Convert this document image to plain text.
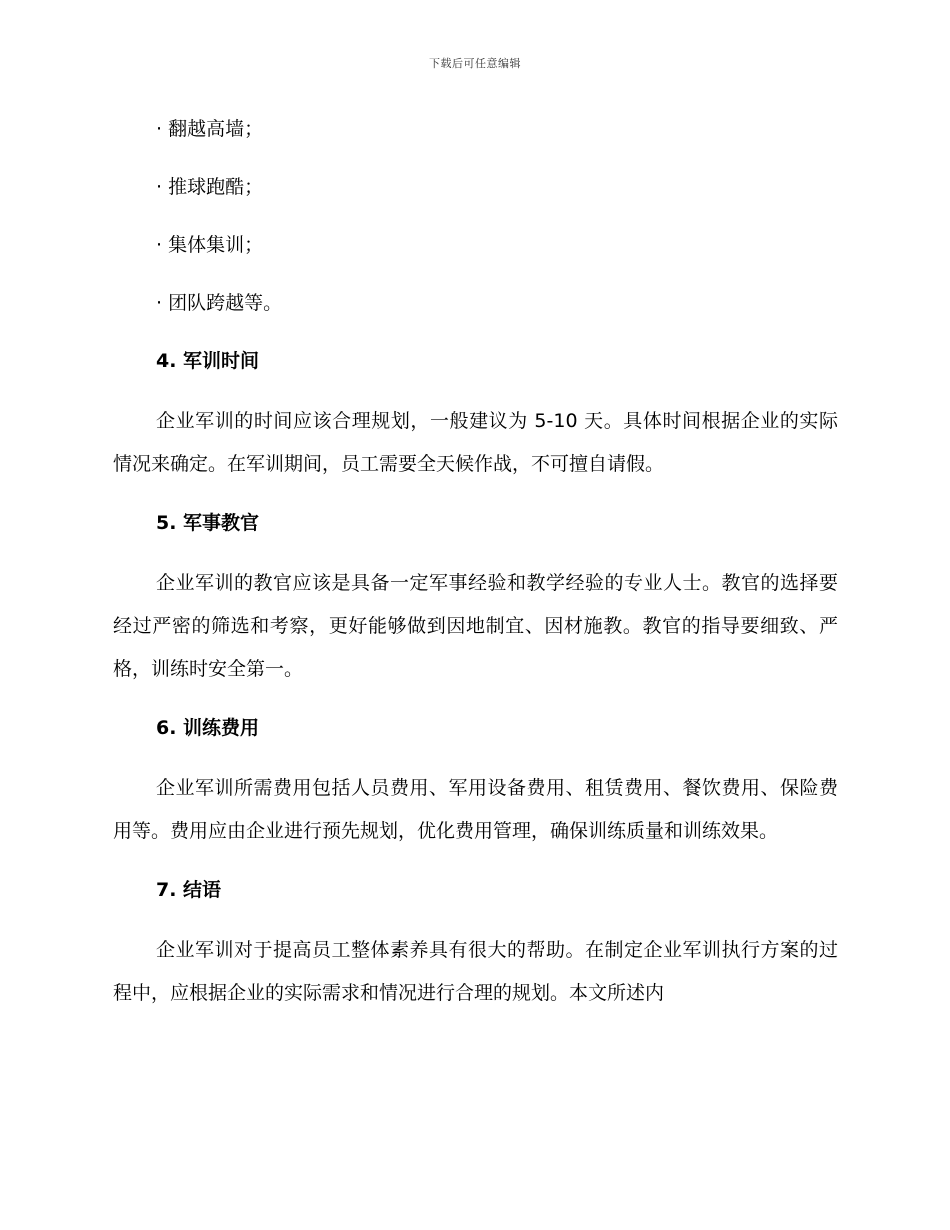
下载后可任意编辑
· 翻越高墙；
· 推球跑酷；
· 集体集训；
· 团队跨越等。
4. 军训时间
企业军训的时间应该合理规划，一般建议为 5-10 天。具体时间根据企业的实际情况来确定。在军训期间，员工需要全天候作战，不可擅自请假。
5. 军事教官
企业军训的教官应该是具备一定军事经验和教学经验的专业人士。教官的选择要经过严密的筛选和考察，更好能够做到因地制宜、因材施教。教官的指导要细致、严格，训练时安全第一。
6. 训练费用
企业军训所需费用包括人员费用、军用设备费用、租赁费用、餐饮费用、保险费用等。费用应由企业进行预先规划，优化费用管理，确保训练质量和训练效果。
7. 结语
企业军训对于提高员工整体素养具有很大的帮助。在制定企业军训执行方案的过程中，应根据企业的实际需求和情况进行合理的规划。本文所述内
